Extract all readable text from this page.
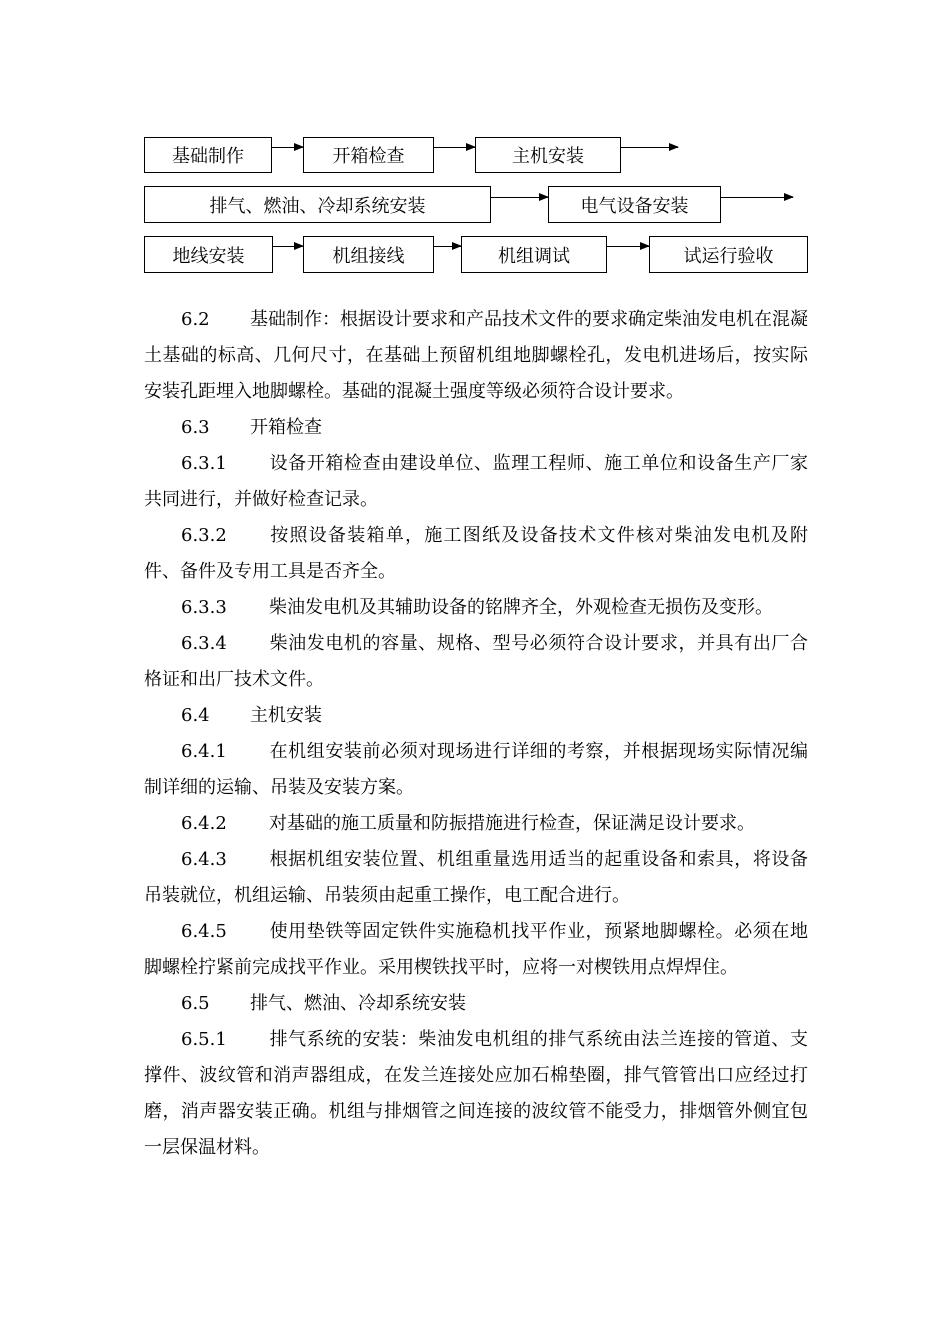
基础制作	开箱检查	主机安装
排气、燃油、冷却系统安装	电气设备安装
地线安装	机组接线	机组调试	试运行验收

6.2 基础制作：根据设计要求和产品技术文件的要求确定柴油发电机在混凝土基础的标高、几何尺寸，在基础上预留机组地脚螺栓孔，发电机进场后，按实际安装孔距埋入地脚螺栓。基础的混凝土强度等级必须符合设计要求。

6.3 开箱检查

6.3.1 设备开箱检查由建设单位、监理工程师、施工单位和设备生产厂家共同进行，并做好检查记录。

6.3.2 按照设备装箱单，施工图纸及设备技术文件核对柴油发电机及附件、备件及专用工具是否齐全。

6.3.3 柴油发电机及其辅助设备的铭牌齐全，外观检查无损伤及变形。

6.3.4 柴油发电机的容量、规格、型号必须符合设计要求，并具有出厂合格证和出厂技术文件。

6.4 主机安装

6.4.1 在机组安装前必须对现场进行详细的考察，并根据现场实际情况编制详细的运输、吊装及安装方案。

6.4.2 对基础的施工质量和防振措施进行检查，保证满足设计要求。

6.4.3 根据机组安装位置、机组重量选用适当的起重设备和索具，将设备吊装就位，机组运输、吊装须由起重工操作，电工配合进行。

6.4.5 使用垫铁等固定铁件实施稳机找平作业，预紧地脚螺栓。必须在地脚螺栓拧紧前完成找平作业。采用楔铁找平时，应将一对楔铁用点焊焊住。

6.5 排气、燃油、冷却系统安装

6.5.1 排气系统的安装：柴油发电机组的排气系统由法兰连接的管道、支撑件、波纹管和消声器组成，在发兰连接处应加石棉垫圈，排气管管出口应经过打磨，消声器安装正确。机组与排烟管之间连接的波纹管不能受力，排烟管外侧宜包一层保温材料。
